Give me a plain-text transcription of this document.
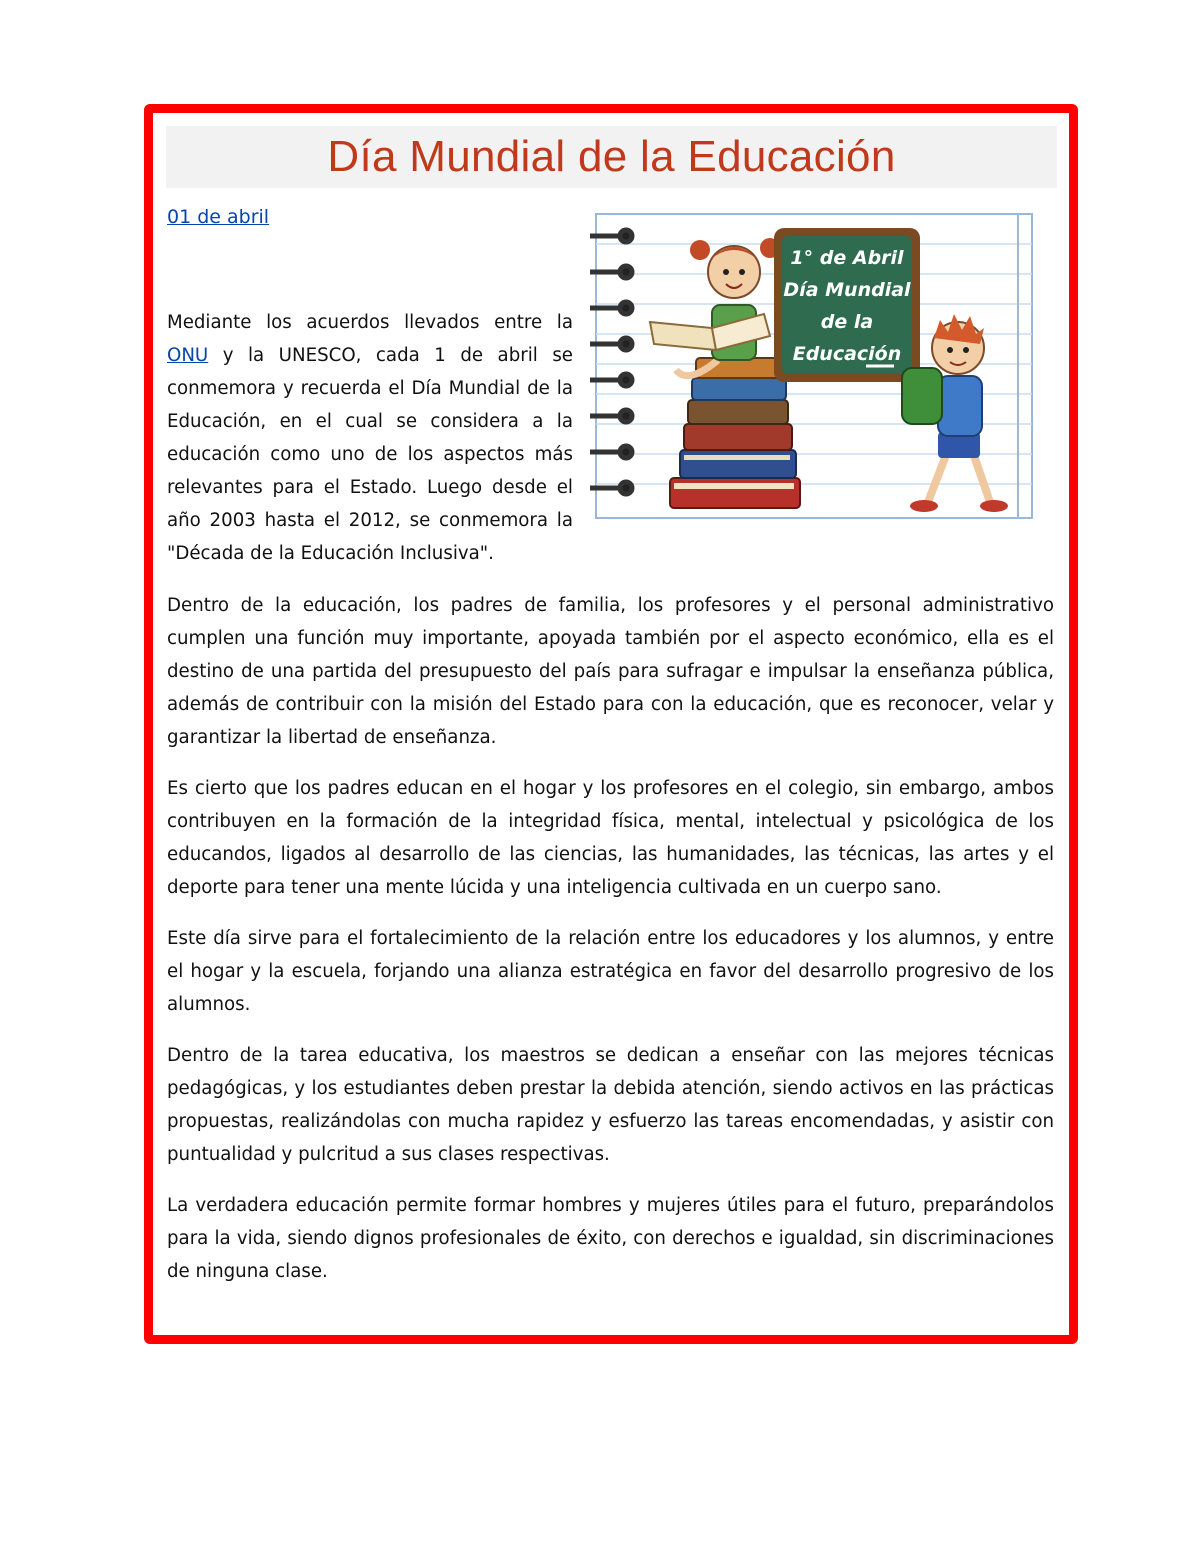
Día Mundial de la Educación
01 de abril

Mediante los acuerdos llevados entre la ONU y la UNESCO, cada 1 de abril se conmemora y recuerda el Día Mundial de la Educación, en el cual se considera a la educación como uno de los aspectos más relevantes para el Estado. Luego desde el año 2003 hasta el 2012, se conmemora la "Década de la Educación Inclusiva".

1° de Abril
Día Mundial
de la
Educación

Dentro de la educación, los padres de familia, los profesores y el personal administrativo cumplen una función muy importante, apoyada también por el aspecto económico, ella es el destino de una partida del presupuesto del país para sufragar e impulsar la enseñanza pública, además de contribuir con la misión del Estado para con la educación, que es reconocer, velar y garantizar la libertad de enseñanza.

Es cierto que los padres educan en el hogar y los profesores en el colegio, sin embargo, ambos contribuyen en la formación de la integridad física, mental, intelectual y psicológica de los educandos, ligados al desarrollo de las ciencias, las humanidades, las técnicas, las artes y el deporte para tener una mente lúcida y una inteligencia cultivada en un cuerpo sano.

Este día sirve para el fortalecimiento de la relación entre los educadores y los alumnos, y entre el hogar y la escuela, forjando una alianza estratégica en favor del desarrollo progresivo de los alumnos.

Dentro de la tarea educativa, los maestros se dedican a enseñar con las mejores técnicas pedagógicas, y los estudiantes deben prestar la debida atención, siendo activos en las prácticas propuestas, realizándolas con mucha rapidez y esfuerzo las tareas encomendadas, y asistir con puntualidad y pulcritud a sus clases respectivas.

La verdadera educación permite formar hombres y mujeres útiles para el futuro, preparándolos para la vida, siendo dignos profesionales de éxito, con derechos e igualdad, sin discriminaciones de ninguna clase.
